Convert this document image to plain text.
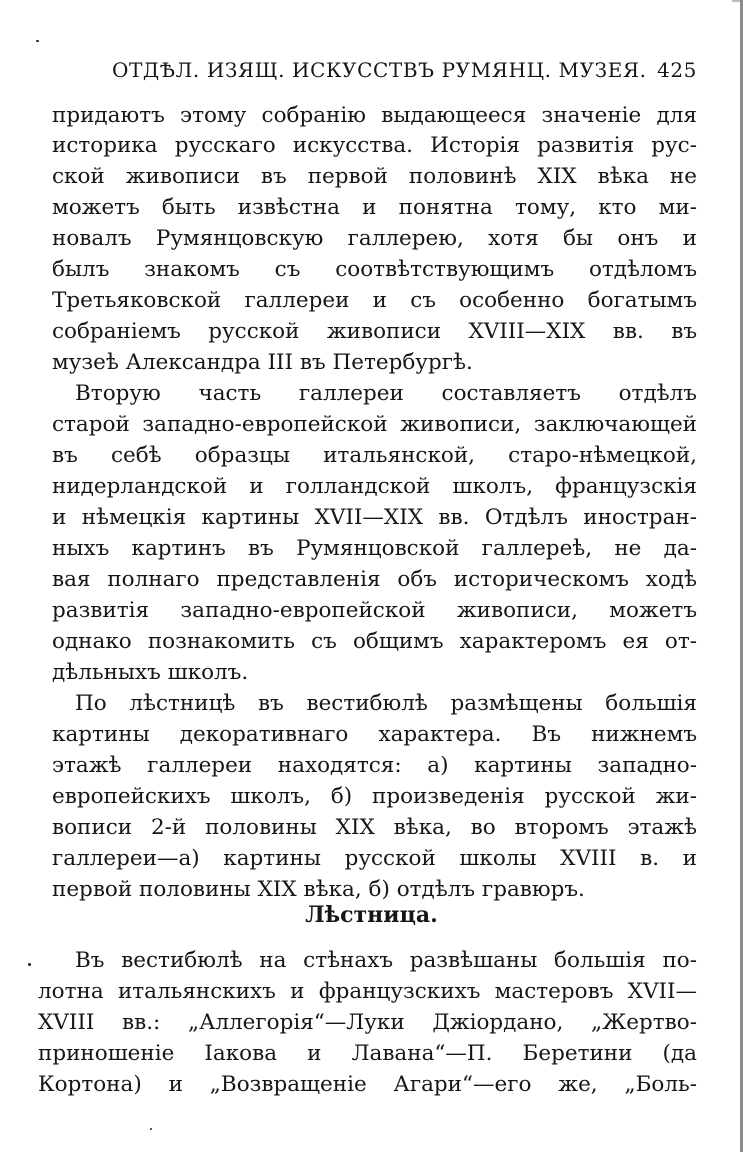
ОТДѢЛ. ИЗЯЩ. ИСКУССТВЪ РУМЯНЦ. МУЗЕЯ. 425
придаютъ этому собранію выдающееся значеніе для
историка русскаго искусства. Исторія развитія рус-
ской живописи въ первой половинѣ XIX вѣка не
можетъ быть извѣстна и понятна тому, кто ми-
новалъ Румянцовскую галлерею, хотя бы онъ и
былъ знакомъ съ соотвѣтствующимъ отдѣломъ
Третьяковской галлереи и съ особенно богатымъ
собраніемъ русской живописи XVIII—XIX вв. въ
музеѣ Александра III въ Петербургѣ.
Вторую часть галлереи составляетъ отдѣлъ
старой западно-европейской живописи, заключающей
въ себѣ образцы итальянской, старо-нѣмецкой,
нидерландской и голландской школъ, французскія
и нѣмецкія картины XVII—XIX вв. Отдѣлъ иностран-
ныхъ картинъ въ Румянцовской галлереѣ, не да-
вая полнаго представленія объ историческомъ ходѣ
развитія западно-европейской живописи, можетъ
однако познакомить съ общимъ характеромъ ея от-
дѣльныхъ школъ.
По лѣстницѣ въ вестибюлѣ размѣщены большія
картины декоративнаго характера. Въ нижнемъ
этажѣ галлереи находятся: а) картины западно-
европейскихъ школъ, б) произведенія русской жи-
вописи 2-й половины XIX вѣка, во второмъ этажѣ
галлереи—а) картины русской школы XVIII в. и
первой половины XIX вѣка, б) отдѣлъ гравюръ.
Лѣстница.
Въ вестибюлѣ на стѣнахъ развѣшаны большія по-
лотна итальянскихъ и французскихъ мастеровъ XVII—
XVIII вв.: „Аллегорія“—Луки Джіордано, „Жертво-
приношеніе Іакова и Лавана“—П. Беретини (да
Кортона) и „Возвращеніе Агари“—его же, „Боль-
